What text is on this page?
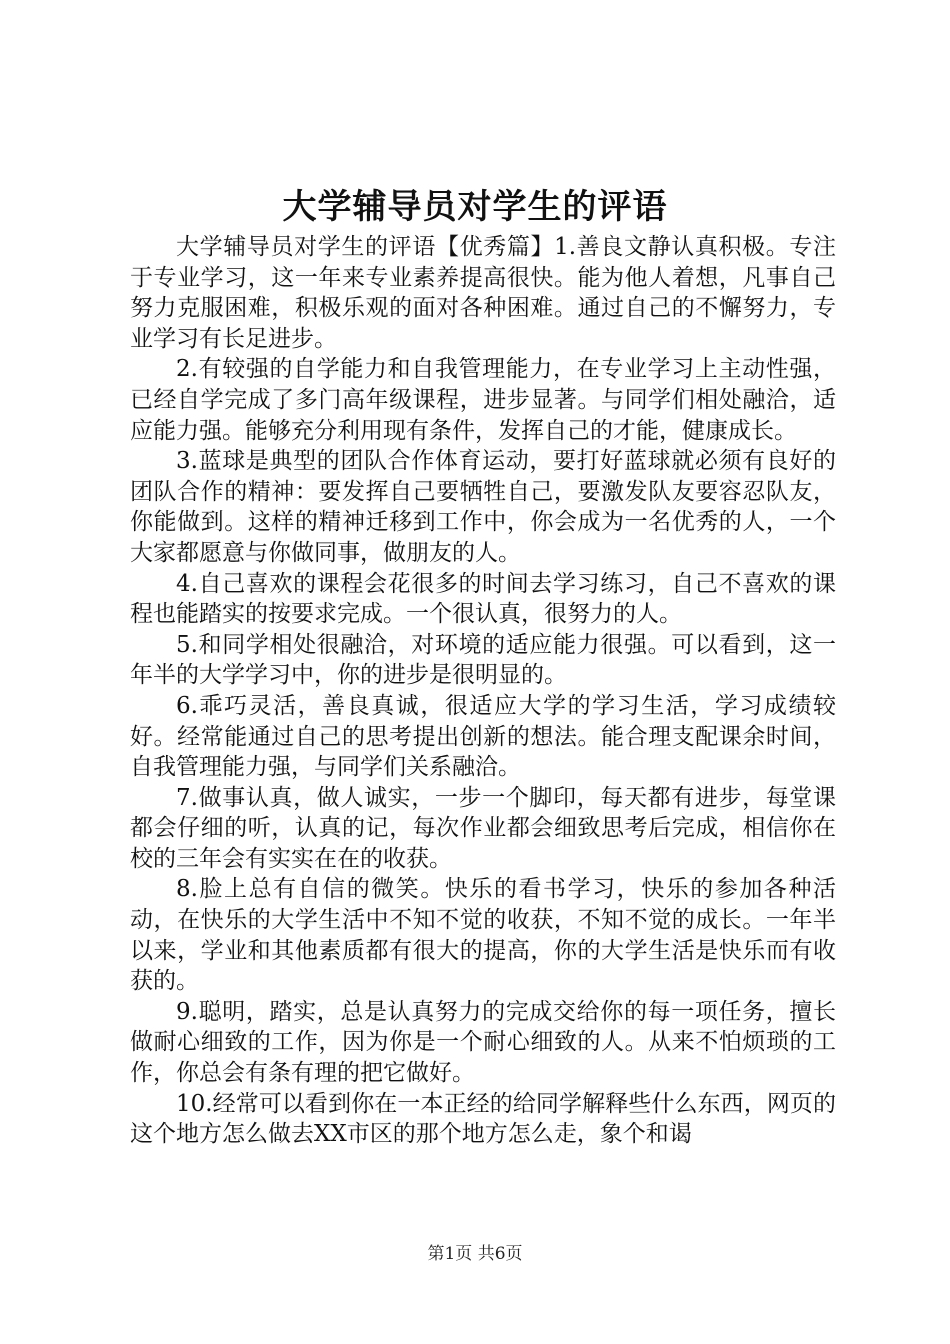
大学辅导员对学生的评语

大学辅导员对学生的评语【优秀篇】1.善良文静认真积极。专注于专业学习，这一年来专业素养提高很快。能为他人着想，凡事自己努力克服困难，积极乐观的面对各种困难。通过自己的不懈努力，专业学习有长足进步。

2.有较强的自学能力和自我管理能力，在专业学习上主动性强，已经自学完成了多门高年级课程，进步显著。与同学们相处融洽，适应能力强。能够充分利用现有条件，发挥自己的才能，健康成长。

3.蓝球是典型的团队合作体育运动，要打好蓝球就必须有良好的团队合作的精神：要发挥自己要牺牲自己，要激发队友要容忍队友，你能做到。这样的精神迁移到工作中，你会成为一名优秀的人，一个大家都愿意与你做同事，做朋友的人。

4.自己喜欢的课程会花很多的时间去学习练习，自己不喜欢的课程也能踏实的按要求完成。一个很认真，很努力的人。

5.和同学相处很融洽，对环境的适应能力很强。可以看到，这一年半的大学学习中，你的进步是很明显的。

6.乖巧灵活，善良真诚，很适应大学的学习生活，学习成绩较好。经常能通过自己的思考提出创新的想法。能合理支配课余时间，自我管理能力强，与同学们关系融洽。

7.做事认真，做人诚实，一步一个脚印，每天都有进步，每堂课都会仔细的听，认真的记，每次作业都会细致思考后完成，相信你在校的三年会有实实在在的收获。

8.脸上总有自信的微笑。快乐的看书学习，快乐的参加各种活动，在快乐的大学生活中不知不觉的收获，不知不觉的成长。一年半以来，学业和其他素质都有很大的提高，你的大学生活是快乐而有收获的。

9.聪明，踏实，总是认真努力的完成交给你的每一项任务，擅长做耐心细致的工作，因为你是一个耐心细致的人。从来不怕烦琐的工作，你总会有条有理的把它做好。

10.经常可以看到你在一本正经的给同学解释些什么东西，网页的这个地方怎么做去XX市区的那个地方怎么走，象个和谒

第1页 共6页
